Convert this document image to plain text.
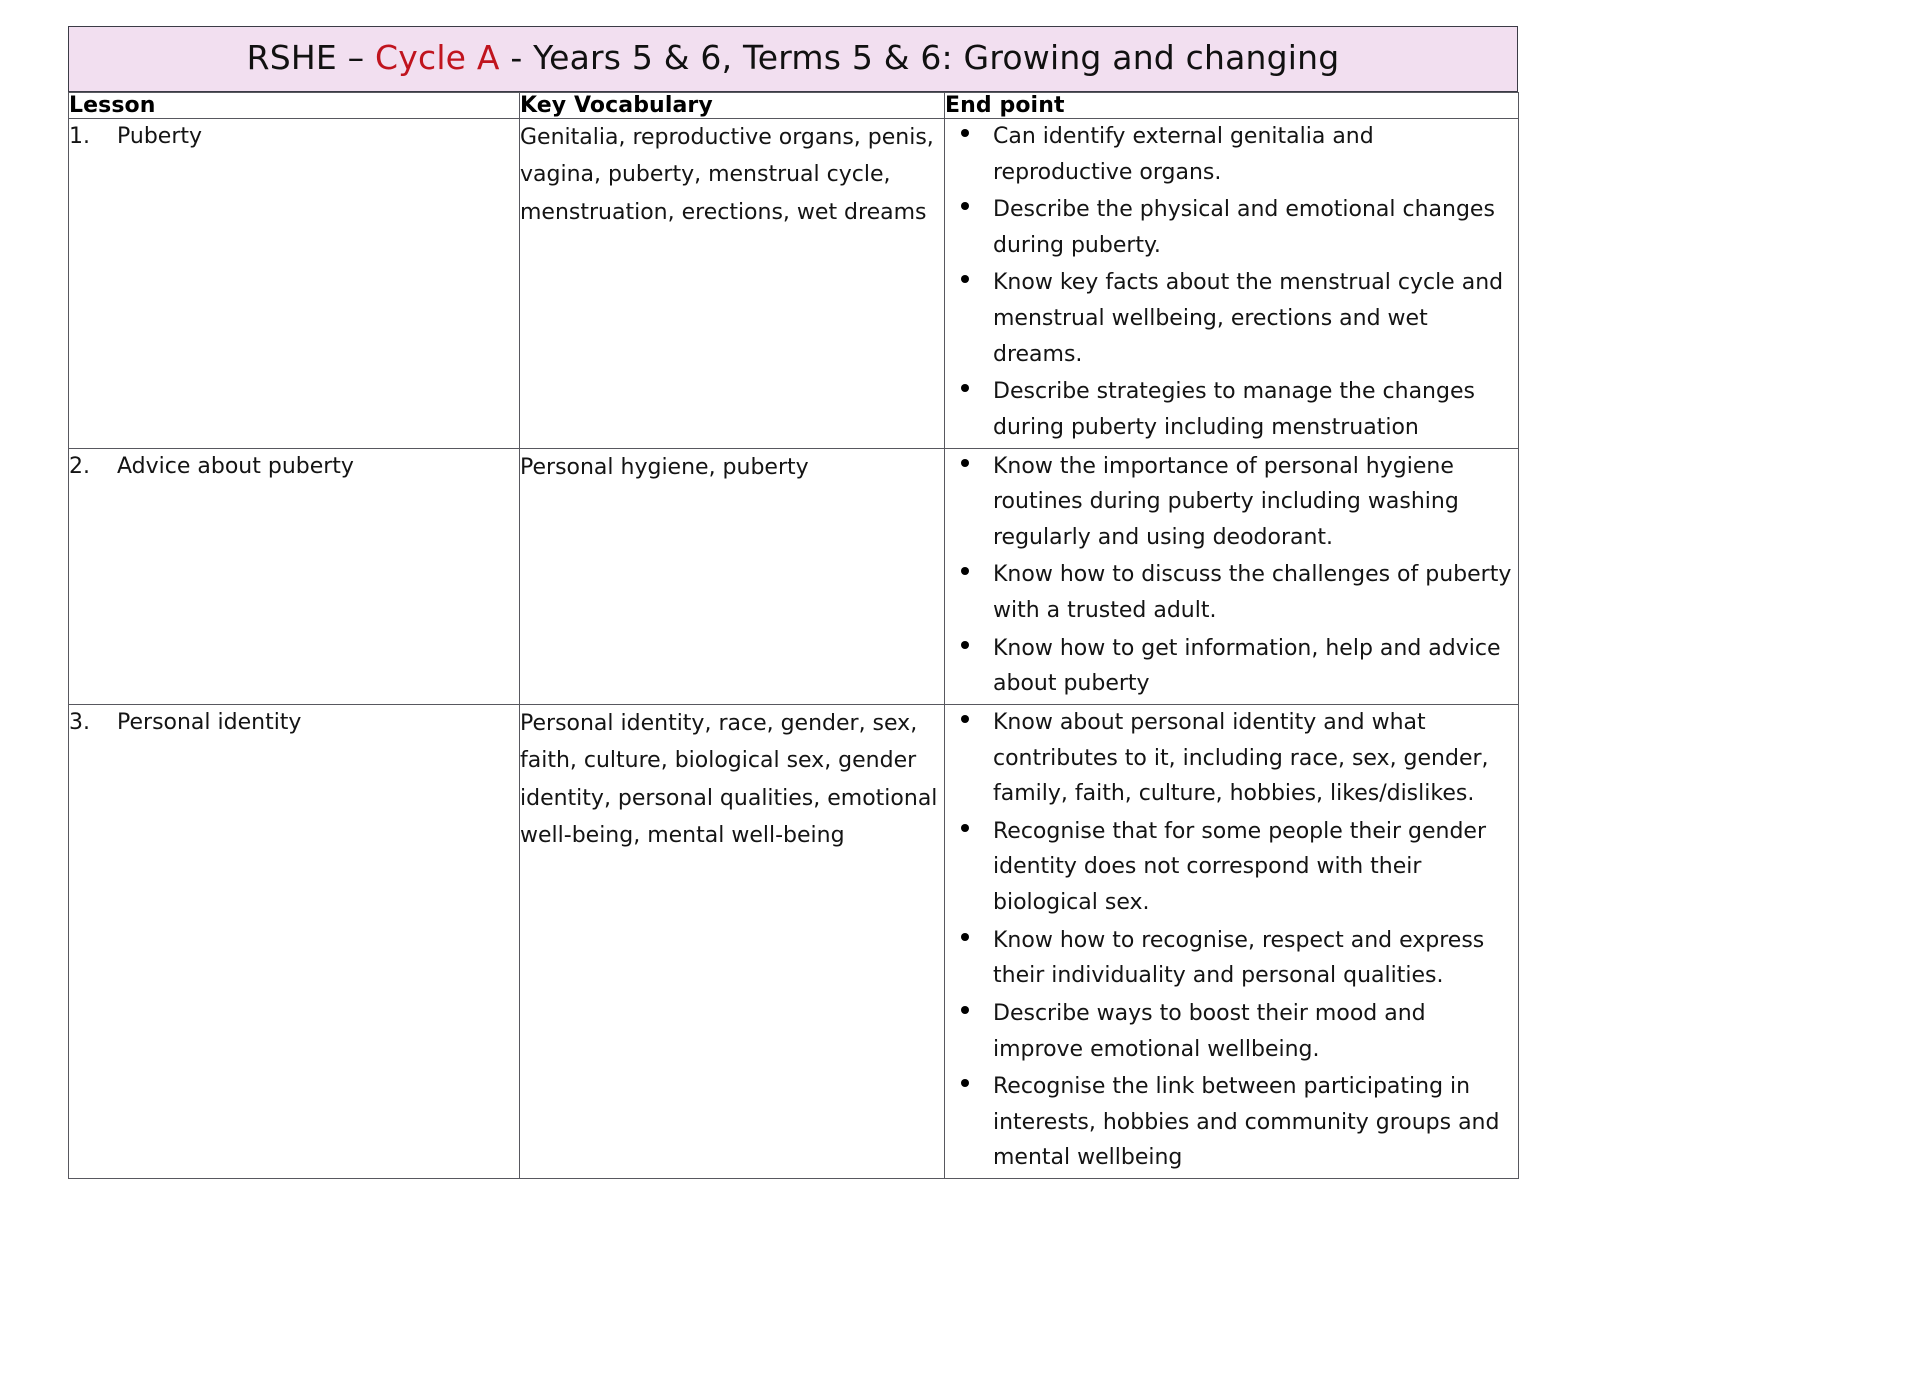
RSHE – Cycle A - Years 5 & 6, Terms 5 & 6: Growing and changing
Lesson	Key Vocabulary	End point

1.	Puberty	Genitalia, reproductive organs, penis, vagina, puberty, menstrual cycle, menstruation, erections, wet dreams

Can identify external genitalia and reproductive organs.
Describe the physical and emotional changes during puberty.
Know key facts about the menstrual cycle and menstrual wellbeing, erections and wet dreams.
Describe strategies to manage the changes during puberty including menstruation

2.	Advice about puberty	Personal hygiene, puberty	Know the importance of personal hygiene routines during puberty including washing regularly and using deodorant.
Know how to discuss the challenges of puberty with a trusted adult.
Know how to get information, help and advice about puberty

3.	Personal identity	Personal identity, race, gender, sex, faith, culture, biological sex, gender identity, personal qualities, emotional well-being, mental well-being

Know about personal identity and what contributes to it, including race, sex, gender, family, faith, culture, hobbies, likes/dislikes.
Recognise that for some people their gender identity does not correspond with their biological sex.
Know how to recognise, respect and express their individuality and personal qualities.
Describe ways to boost their mood and improve emotional wellbeing.
Recognise the link between participating in interests, hobbies and community groups and mental wellbeing
